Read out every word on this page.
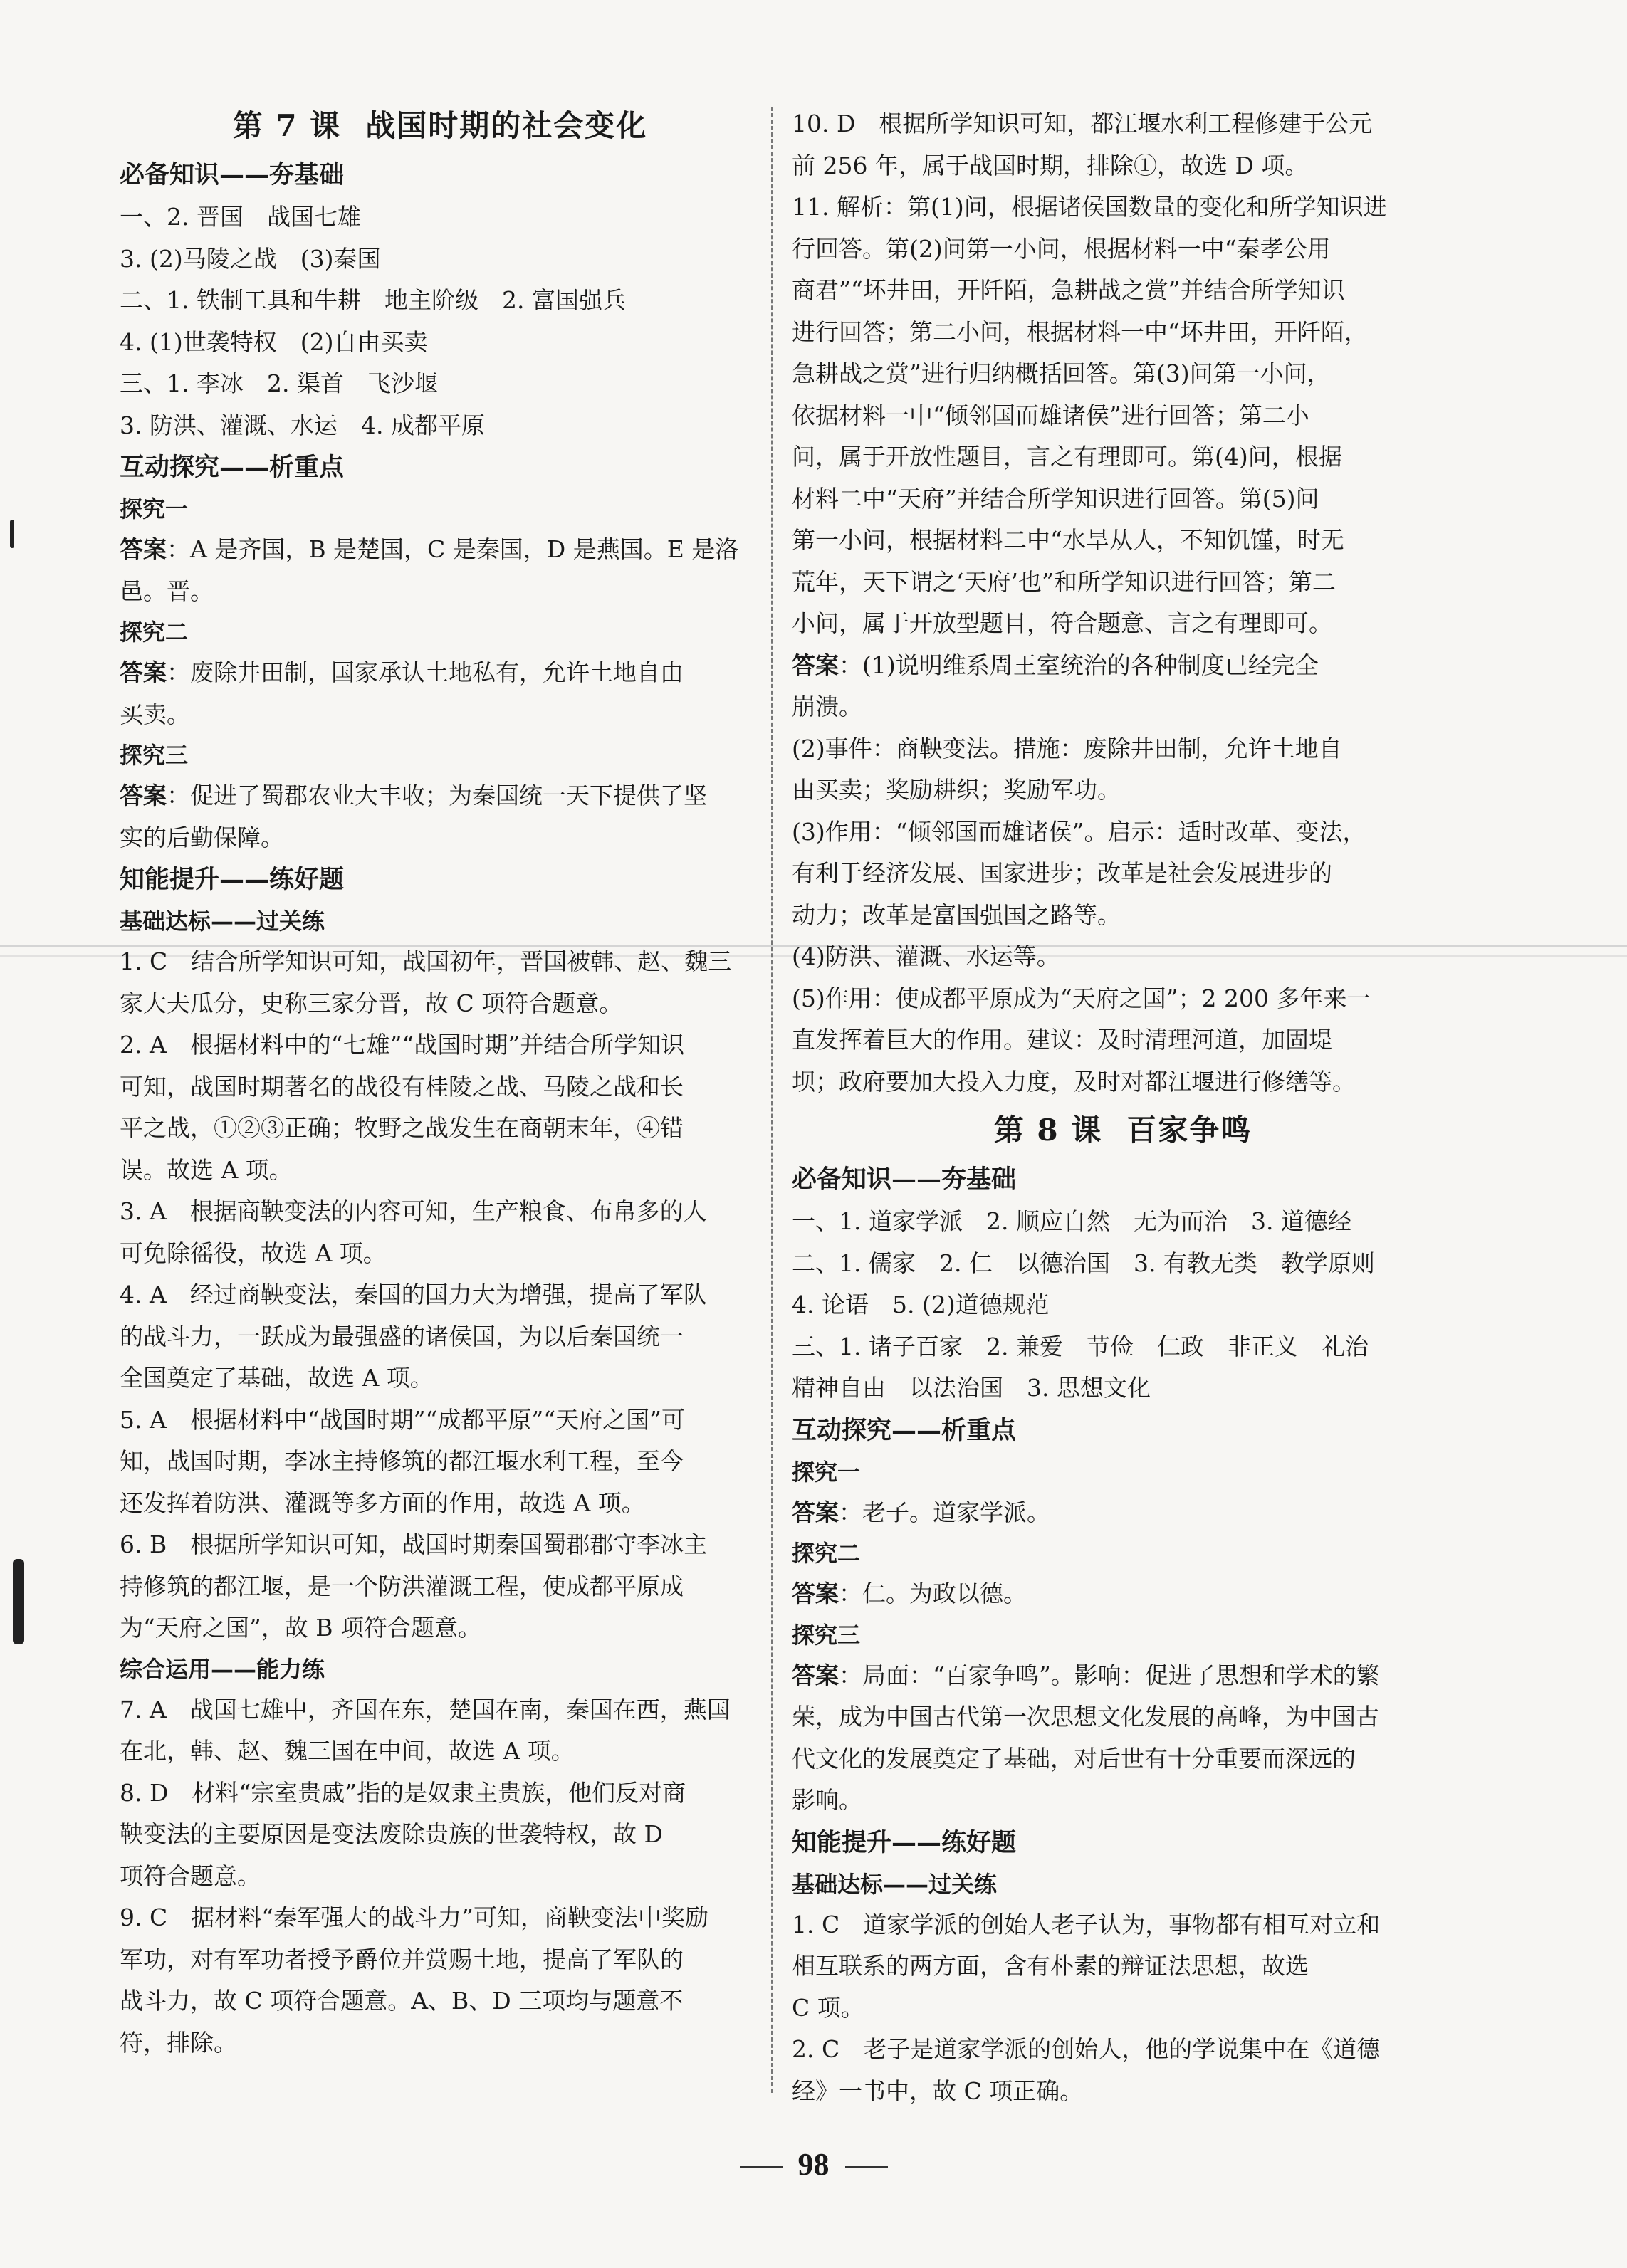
第 7 课 战国时期的社会变化
必备知识——夯基础
一、2. 晋国　战国七雄
3. (2)马陵之战　(3)秦国
二、1. 铁制工具和牛耕　地主阶级　2. 富国强兵
4. (1)世袭特权　(2)自由买卖
三、1. 李冰　2. 渠首　飞沙堰
3. 防洪、灌溉、水运　4. 成都平原
互动探究——析重点
探究一
答案：A 是齐国，B 是楚国，C 是秦国，D 是燕国。E 是洛
邑。晋。
探究二
答案：废除井田制，国家承认土地私有，允许土地自由
买卖。
探究三
答案：促进了蜀郡农业大丰收；为秦国统一天下提供了坚
实的后勤保障。
知能提升——练好题
基础达标——过关练
1. C　结合所学知识可知，战国初年，晋国被韩、赵、魏三
家大夫瓜分，史称三家分晋，故 C 项符合题意。
2. A　根据材料中的“七雄”“战国时期”并结合所学知识
可知，战国时期著名的战役有桂陵之战、马陵之战和长
平之战，①②③正确；牧野之战发生在商朝末年，④错
误。故选 A 项。
3. A　根据商鞅变法的内容可知，生产粮食、布帛多的人
可免除徭役，故选 A 项。
4. A　经过商鞅变法，秦国的国力大为增强，提高了军队
的战斗力，一跃成为最强盛的诸侯国，为以后秦国统一
全国奠定了基础，故选 A 项。
5. A　根据材料中“战国时期”“成都平原”“天府之国”可
知，战国时期，李冰主持修筑的都江堰水利工程，至今
还发挥着防洪、灌溉等多方面的作用，故选 A 项。
6. B　根据所学知识可知，战国时期秦国蜀郡郡守李冰主
持修筑的都江堰，是一个防洪灌溉工程，使成都平原成
为“天府之国”，故 B 项符合题意。
综合运用——能力练
7. A　战国七雄中，齐国在东，楚国在南，秦国在西，燕国
在北，韩、赵、魏三国在中间，故选 A 项。
8. D　材料“宗室贵戚”指的是奴隶主贵族，他们反对商
鞅变法的主要原因是变法废除贵族的世袭特权，故 D
项符合题意。
9. C　据材料“秦军强大的战斗力”可知，商鞅变法中奖励
军功，对有军功者授予爵位并赏赐土地，提高了军队的
战斗力，故 C 项符合题意。A、B、D 三项均与题意不
符，排除。
10. D　根据所学知识可知，都江堰水利工程修建于公元
前 256 年，属于战国时期，排除①，故选 D 项。
11. 解析：第(1)问，根据诸侯国数量的变化和所学知识进
行回答。第(2)问第一小问，根据材料一中“秦孝公用
商君”“坏井田，开阡陌，急耕战之赏”并结合所学知识
进行回答；第二小问，根据材料一中“坏井田，开阡陌，
急耕战之赏”进行归纳概括回答。第(3)问第一小问，
依据材料一中“倾邻国而雄诸侯”进行回答；第二小
问，属于开放性题目，言之有理即可。第(4)问，根据
材料二中“天府”并结合所学知识进行回答。第(5)问
第一小问，根据材料二中“水旱从人，不知饥馑，时无
荒年，天下谓之‘天府’也”和所学知识进行回答；第二
小问，属于开放型题目，符合题意、言之有理即可。
答案：(1)说明维系周王室统治的各种制度已经完全
崩溃。
(2)事件：商鞅变法。措施：废除井田制，允许土地自
由买卖；奖励耕织；奖励军功。
(3)作用：“倾邻国而雄诸侯”。启示：适时改革、变法，
有利于经济发展、国家进步；改革是社会发展进步的
动力；改革是富国强国之路等。
(4)防洪、灌溉、水运等。
(5)作用：使成都平原成为“天府之国”；2 200 多年来一
直发挥着巨大的作用。建议：及时清理河道，加固堤
坝；政府要加大投入力度，及时对都江堰进行修缮等。
第 8 课 百家争鸣
必备知识——夯基础
一、1. 道家学派　2. 顺应自然　无为而治　3. 道德经
二、1. 儒家　2. 仁　以德治国　3. 有教无类　教学原则
4. 论语　5. (2)道德规范
三、1. 诸子百家　2. 兼爱　节俭　仁政　非正义　礼治
精神自由　以法治国　3. 思想文化
互动探究——析重点
探究一
答案：老子。道家学派。
探究二
答案：仁。为政以德。
探究三
答案：局面：“百家争鸣”。影响：促进了思想和学术的繁
荣，成为中国古代第一次思想文化发展的高峰，为中国古
代文化的发展奠定了基础，对后世有十分重要而深远的
影响。
知能提升——练好题
基础达标——过关练
1. C　道家学派的创始人老子认为，事物都有相互对立和
相互联系的两方面，含有朴素的辩证法思想，故选
C 项。
2. C　老子是道家学派的创始人，他的学说集中在《道德
经》一书中，故 C 项正确。
98
